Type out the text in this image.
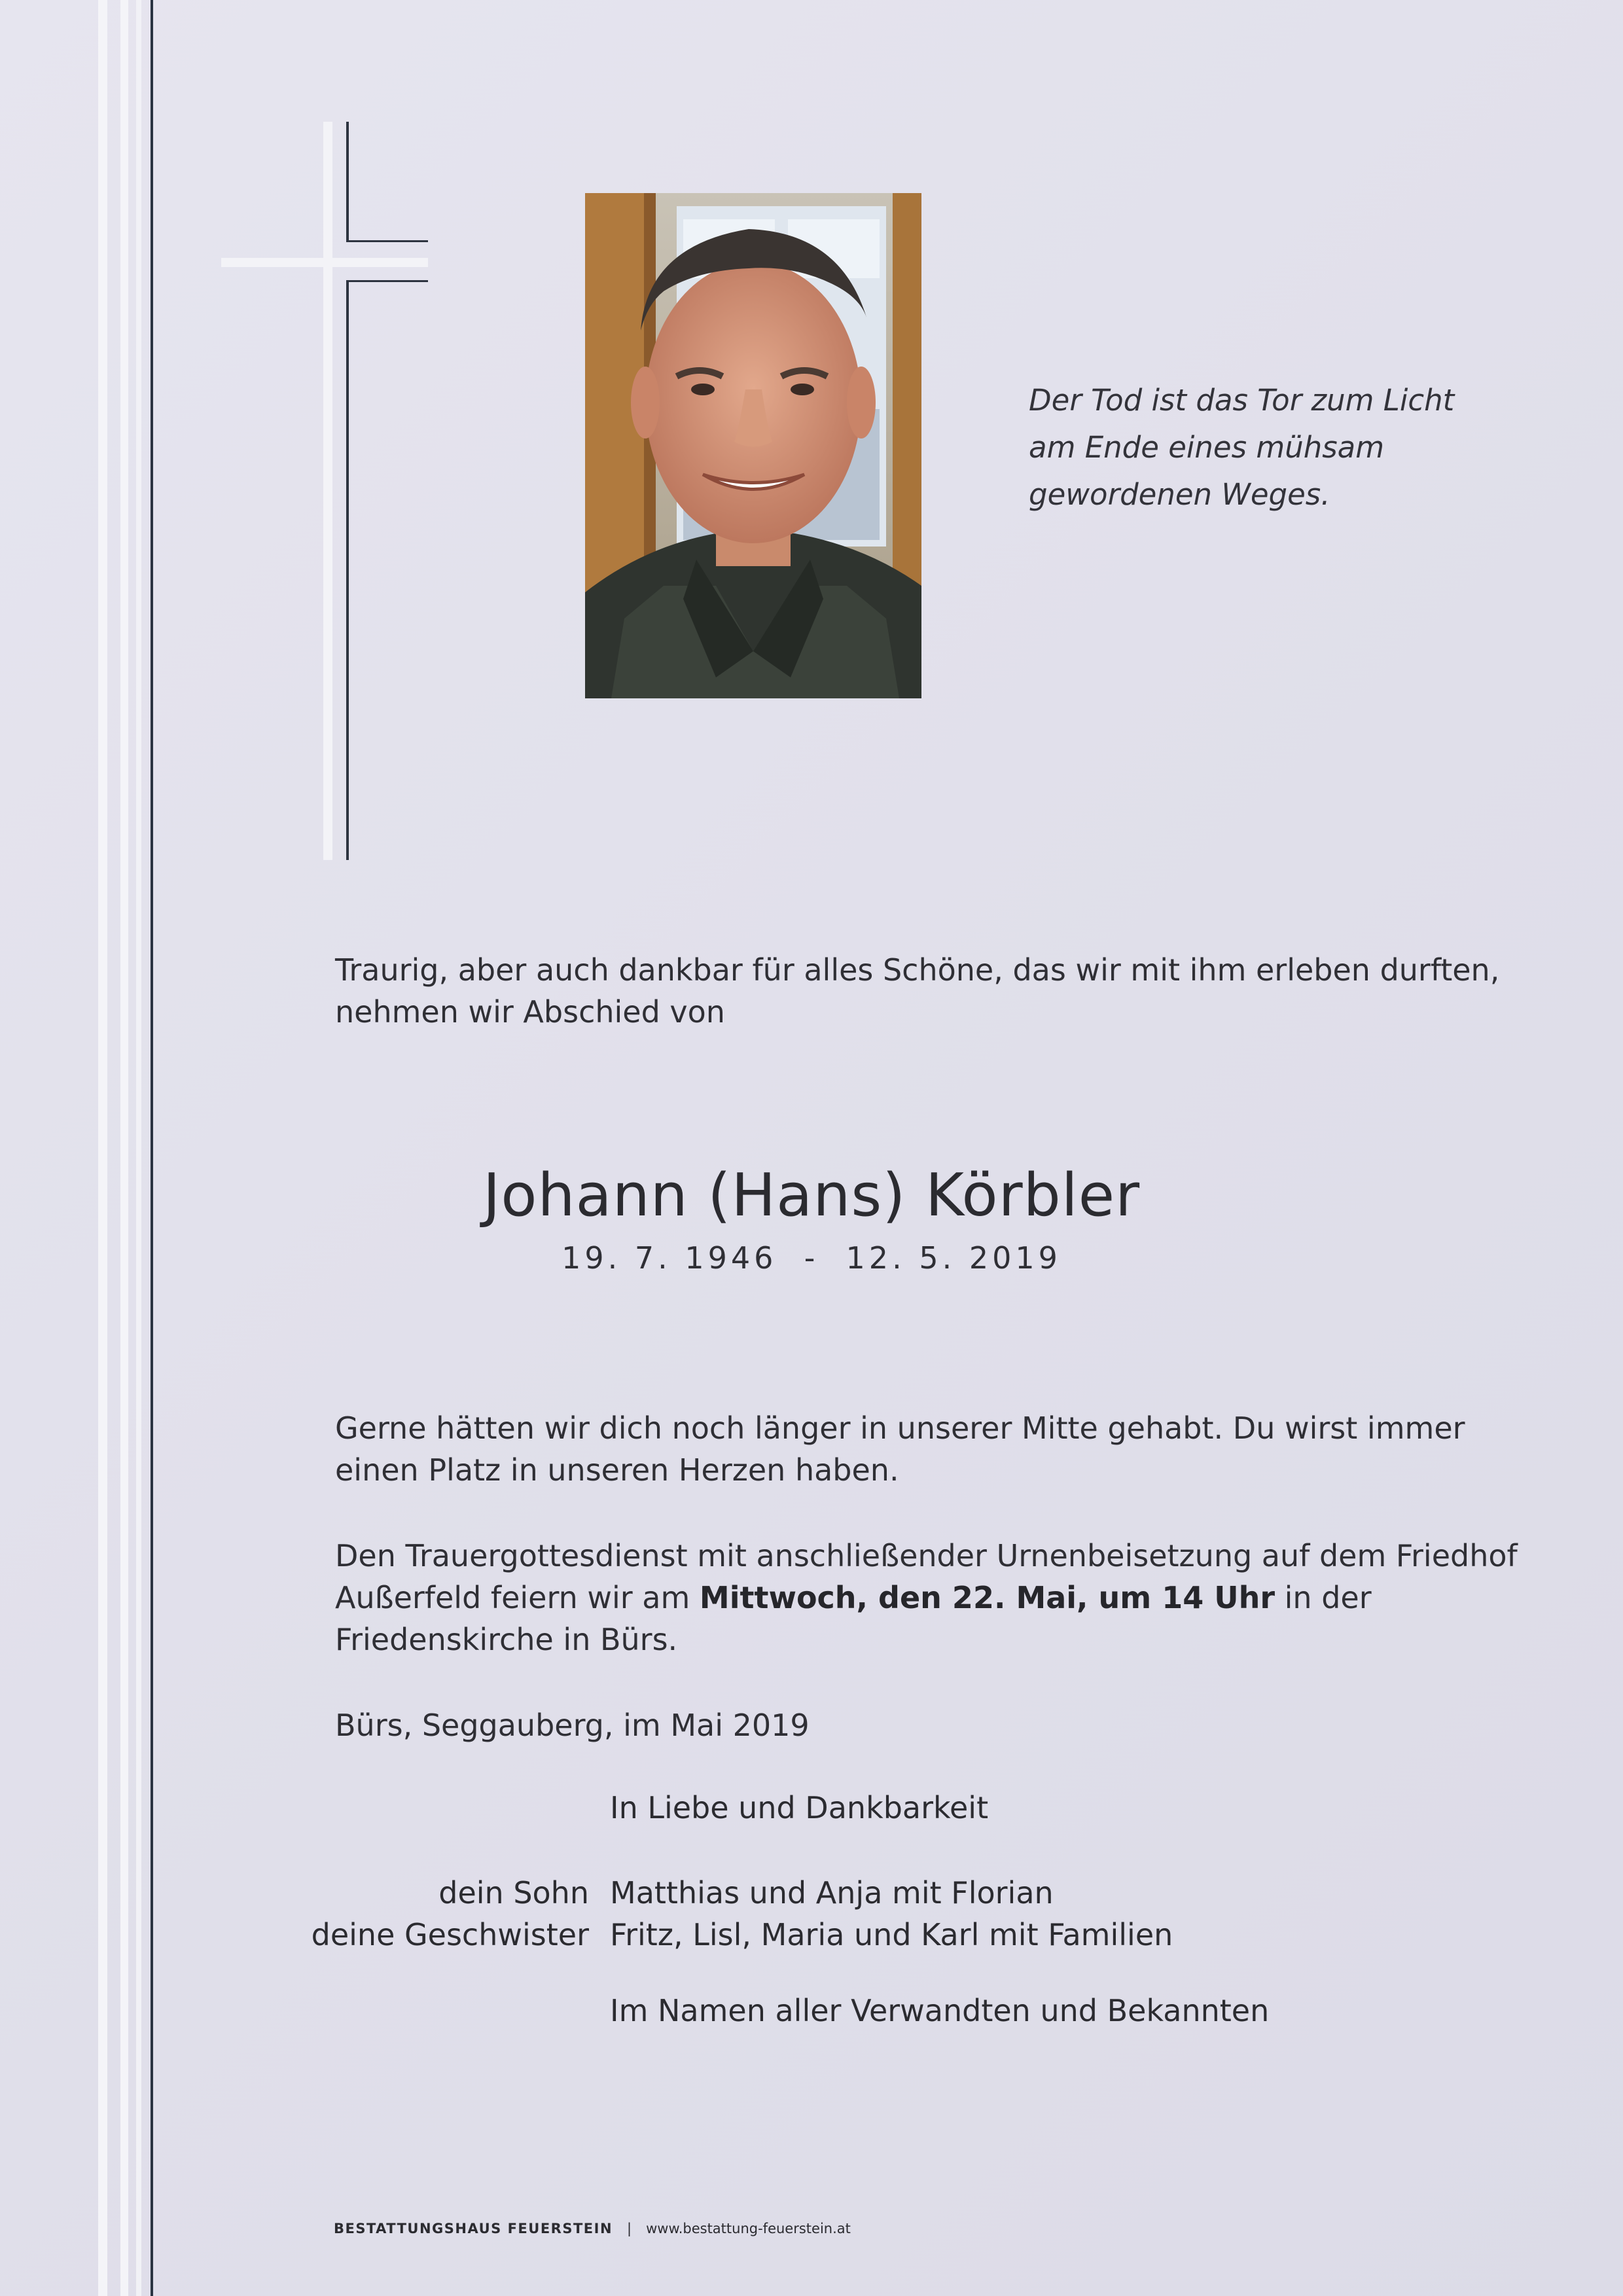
Der Tod ist das Tor zum Licht
am Ende eines mühsam
gewordenen Weges.
Traurig, aber auch dankbar für alles Schöne, das wir mit ihm erleben durften,
nehmen wir Abschied von
Johann (Hans) Körbler
19. 7. 1946  -  12. 5. 2019
Gerne hätten wir dich noch länger in unserer Mitte gehabt. Du wirst immer
einen Platz in unseren Herzen haben.
Den Trauergottesdienst mit anschließender Urnenbeisetzung auf dem Friedhof
Außerfeld feiern wir am Mittwoch, den 22. Mai, um 14 Uhr in der
Friedenskirche in Bürs.
Bürs, Seggauberg, im Mai 2019
In Liebe und Dankbarkeit
dein Sohn Matthias und Anja mit Florian
deine Geschwister Fritz, Lisl, Maria und Karl mit Familien
Im Namen aller Verwandten und Bekannten
BESTATTUNGSHAUS FEUERSTEIN | www.bestattung-feuerstein.at
